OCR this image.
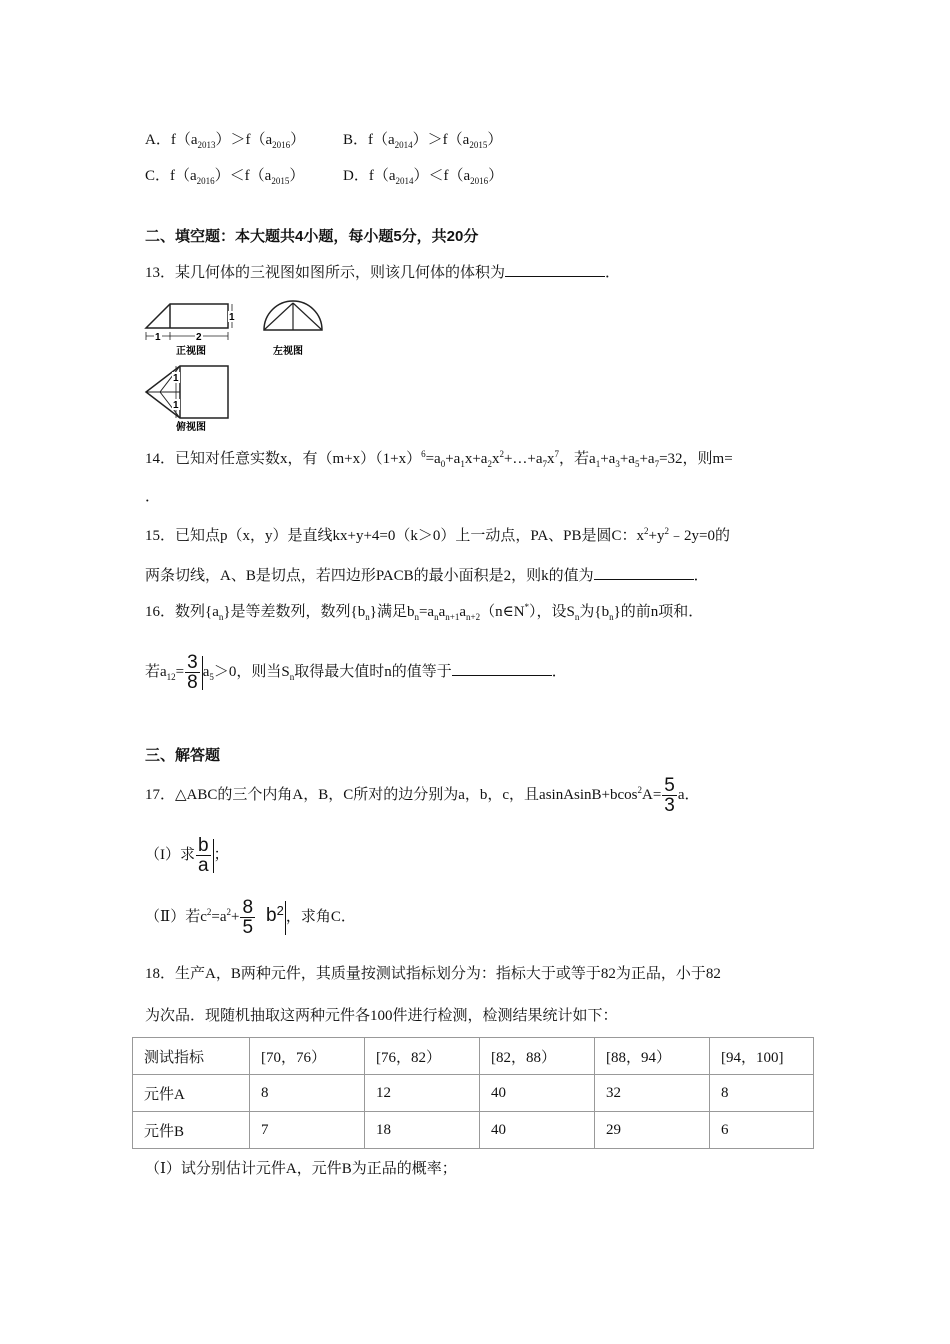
A．$f(a_{2013})>f(a_{2016})$	B．$f(a_{2014})>f(a_{2015})$
C．$f(a_{2016})<f(a_{2015})$	D．$f(a_{2014})<f(a_{2016})$
二、填空题：本大题共4小题，每小题5分，共20分
13．某几何体的三视图如图所示，则该几何体的体积为	．
1	2
1
正视图	左视图
1
1
俯视图
14．已知对任意实数x，有$(m+x)(1+x)^6=a_0+a_1x+a_2x^2+\dots+a_7x^7$，若$a_1+a_3+a_5+a_7=32$，则m=
．
15．已知点p（x，y）是直线kx+y+4=0（k＞0）上一动点，PA、PB是圆C：$x^2+y^2﹣2y=0$的
两条切线，A、B是切点，若四边形PACB的最小面积是2，则k的值为	．
16．数列$\{a_n\}$是等差数列，数列$\{b_n\}$满足$b_n=a_na_{n+1}a_{n+2}(n\in N^*)$，设$S_n$为$\{b_n\}$的前n项和．
若$a_{12}= \frac{3}{8} a_5>0$，则当$S_n$取得最大值时n的值等于	．
三、解答题
17．△ABC的三个内角A，B，C所对的边分别为a，b，c，且asinAsinB+bcos$^2$A= $\frac{5}{3}$ a．
（I）求 $\frac{b}{a}$ ；
（Ⅱ）若$c^2=a^2+ \frac{8}{5} b^2$ ，求角C．
18．生产A，B两种元件，其质量按测试指标划分为：指标大于或等于82为正品，小于82
为次品．现随机抽取这两种元件各100件进行检测，检测结果统计如下：
测试指标	[70，76）	[76，82）	[82，88）	[88，94）	[94，100]
元件A	8	12	40	32	8
元件B	7	18	40	29	6
（Ⅰ）试分别估计元件A，元件B为正品的概率；
